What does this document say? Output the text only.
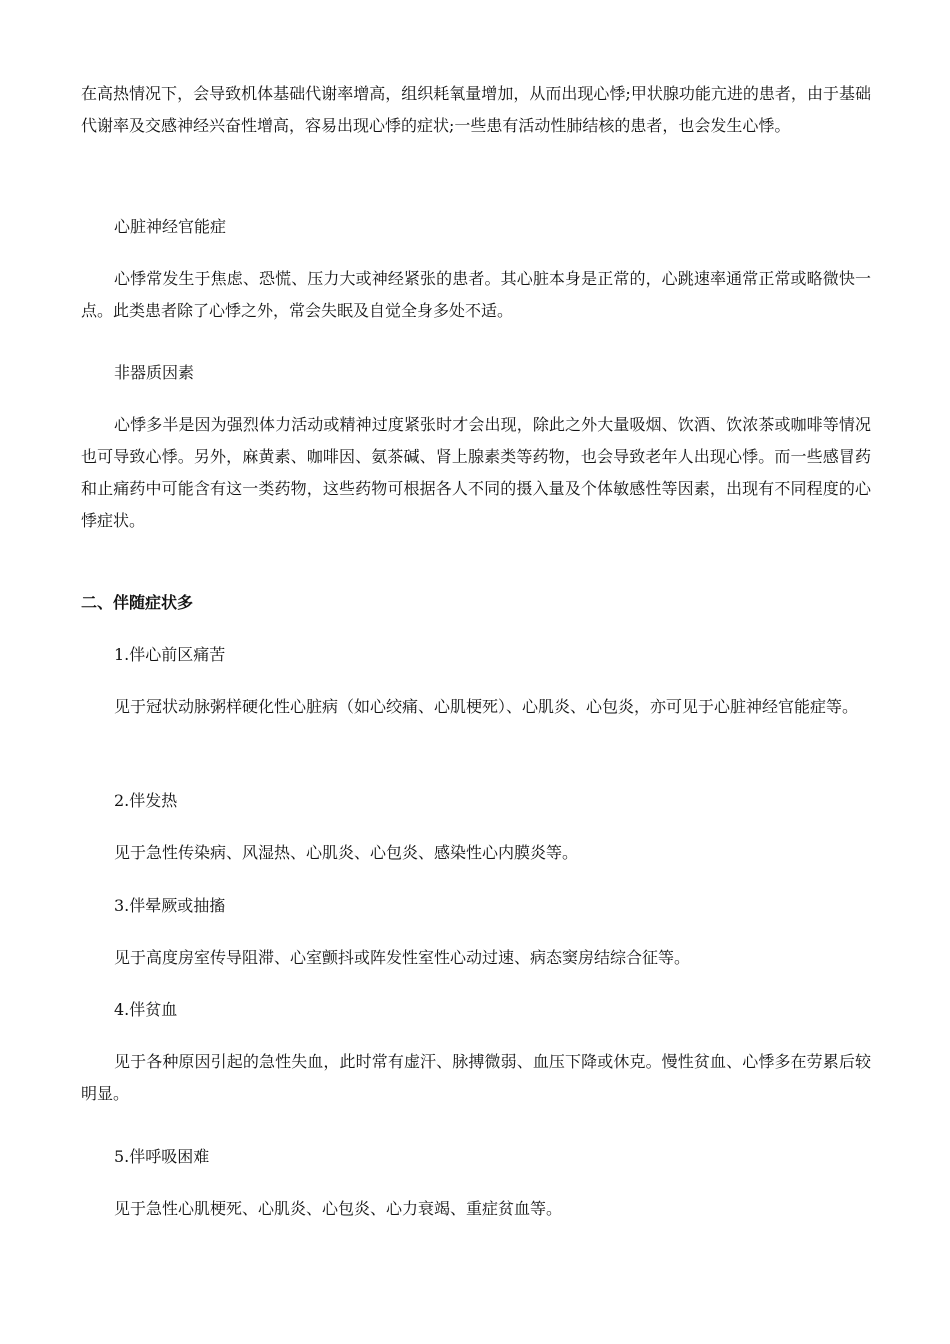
在高热情况下，会导致机体基础代谢率增高，组织耗氧量增加，从而出现心悸;甲状腺功能亢进的患者，由于基础代谢率及交感神经兴奋性增高，容易出现心悸的症状;一些患有活动性肺结核的患者，也会发生心悸。

心脏神经官能症

心悸常发生于焦虑、恐慌、压力大或神经紧张的患者。其心脏本身是正常的，心跳速率通常正常或略微快一点。此类患者除了心悸之外，常会失眠及自觉全身多处不适。

非器质因素

心悸多半是因为强烈体力活动或精神过度紧张时才会出现，除此之外大量吸烟、饮酒、饮浓茶或咖啡等情况也可导致心悸。另外，麻黄素、咖啡因、氨茶碱、肾上腺素类等药物，也会导致老年人出现心悸。而一些感冒药和止痛药中可能含有这一类药物，这些药物可根据各人不同的摄入量及个体敏感性等因素，出现有不同程度的心悸症状。

二、伴随症状多

1.伴心前区痛苦

见于冠状动脉粥样硬化性心脏病（如心绞痛、心肌梗死）、心肌炎、心包炎，亦可见于心脏神经官能症等。

2.伴发热

见于急性传染病、风湿热、心肌炎、心包炎、感染性心内膜炎等。

3.伴晕厥或抽搐

见于高度房室传导阻滞、心室颤抖或阵发性室性心动过速、病态窦房结综合征等。

4.伴贫血

见于各种原因引起的急性失血，此时常有虚汗、脉搏微弱、血压下降或休克。慢性贫血、心悸多在劳累后较明显。

5.伴呼吸困难

见于急性心肌梗死、心肌炎、心包炎、心力衰竭、重症贫血等。
